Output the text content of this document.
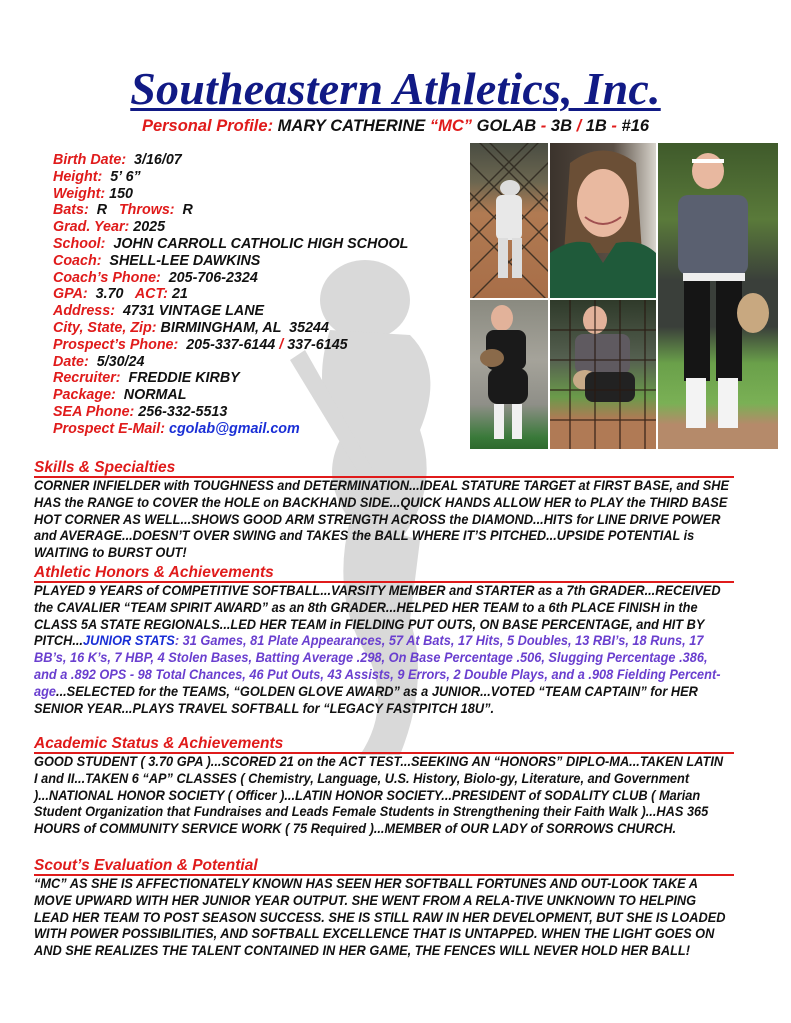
Southeastern Athletics, Inc.
Personal Profile: MARY CATHERINE “MC” GOLAB - 3B / 1B - #16
Birth Date: 3/16/07
Height: 5’ 6”
Weight: 150
Bats: R Throws: R
Grad. Year: 2025
School: JOHN CARROLL CATHOLIC HIGH SCHOOL
Coach: SHELL-LEE DAWKINS
Coach’s Phone: 205-706-2324
GPA: 3.70 ACT: 21
Address: 4731 VINTAGE LANE
City, State, Zip: BIRMINGHAM, AL  35244
Prospect’s Phone: 205-337-6144 / 337-6145
Date: 5/30/24
Recruiter: FREDDIE KIRBY
Package: NORMAL
SEA Phone: 256-332-5513
Prospect E-Mail: cgolab@gmail.com
Skills & Specialties
CORNER INFIELDER with TOUGHNESS and DETERMINATION...IDEAL STATURE TARGET at FIRST BASE, and SHE HAS the RANGE to COVER the HOLE on BACKHAND SIDE...QUICK HANDS ALLOW HER to PLAY the THIRD BASE HOT CORNER AS WELL...SHOWS GOOD ARM STRENGTH ACROSS the DIAMOND...HITS for LINE DRIVE POWER and AVERAGE...DOESN’T OVER SWING and TAKES the BALL WHERE IT’S PITCHED...UPSIDE POTENTIAL is WAITING to BURST OUT!
Athletic Honors & Achievements
PLAYED 9 YEARS of COMPETITIVE SOFTBALL...VARSITY MEMBER and STARTER as a 7th GRADER...RECEIVED the CAVALIER “TEAM SPIRIT AWARD” as an 8th GRADER...HELPED HER TEAM to a 6th PLACE FINISH in the CLASS 5A STATE REGIONALS...LED HER TEAM in FIELDING PUT OUTS, ON BASE PERCENTAGE, and HIT BY PITCH...JUNIOR STATS: 31 Games, 81 Plate Appearances, 57 At Bats, 17 Hits, 5 Doubles, 13 RBI’s, 18 Runs, 17 BB’s, 16 K’s, 7 HBP, 4 Stolen Bases, Batting Average .298, On Base Percentage .506, Slugging Percentage .386, and a .892 OPS - 98 Total Chances, 46 Put Outs, 43 Assists, 9 Errors, 2 Double Plays, and a .908 Fielding Percent-age...SELECTED for the TEAMS, “GOLDEN GLOVE AWARD” as a JUNIOR...VOTED “TEAM CAPTAIN” for HER SENIOR YEAR...PLAYS TRAVEL SOFTBALL for “LEGACY FASTPITCH 18U”.
Academic Status & Achievements
GOOD STUDENT ( 3.70 GPA )...SCORED 21 on the ACT TEST...SEEKING AN “HONORS” DIPLO-MA...TAKEN LATIN I and II...TAKEN 6 “AP” CLASSES ( Chemistry, Language, U.S. History, Biolo-gy, Literature, and Government )...NATIONAL HONOR SOCIETY ( Officer )...LATIN HONOR SOCIETY...PRESIDENT of SODALITY CLUB ( Marian Student Organization that Fundraises and Leads Female Students in Strengthening their Faith Walk )...HAS 365 HOURS of COMMUNITY SERVICE WORK ( 75 Required )...MEMBER of OUR LADY of SORROWS CHURCH.
Scout’s Evaluation & Potential
“MC” AS SHE IS AFFECTIONATELY KNOWN HAS SEEN HER SOFTBALL FORTUNES AND OUT-LOOK TAKE A MOVE UPWARD WITH HER JUNIOR YEAR OUTPUT. SHE WENT FROM A RELA-TIVE UNKNOWN TO HELPING LEAD HER TEAM TO POST SEASON SUCCESS. SHE IS STILL RAW IN HER DEVELOPMENT, BUT SHE IS LOADED WITH POWER POSSIBILITIES, AND SOFTBALL EXCELLENCE THAT IS UNTAPPED. WHEN THE LIGHT GOES ON AND SHE REALIZES THE TALENT CONTAINED IN HER GAME, THE FENCES WILL NEVER HOLD HER BALL!
